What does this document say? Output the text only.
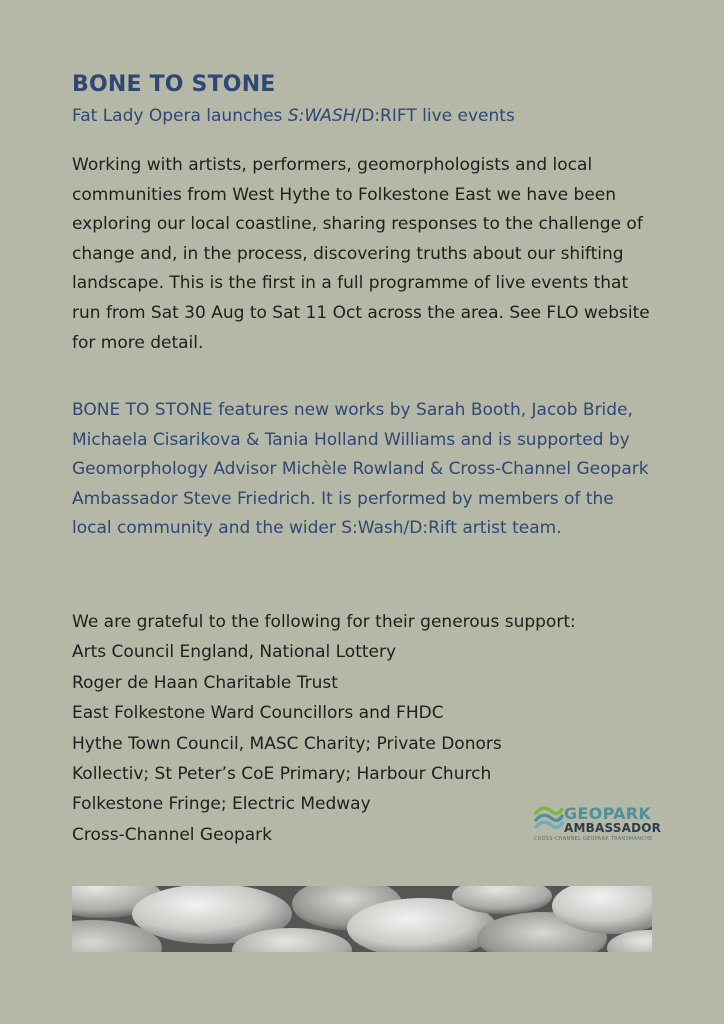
BONE TO STONE
Fat Lady Opera launches S:WASH/D:RIFT live events
Working with artists, performers, geomorphologists and local communities from West Hythe to Folkestone East we have been exploring our local coastline, sharing responses to the challenge of change and, in the process, discovering truths about our shifting landscape. This is the first in a full programme of live events that run from Sat 30 Aug to Sat 11 Oct across the area. See FLO website for more detail.
BONE TO STONE features new works by Sarah Booth, Jacob Bride, Michaela Cisarikova & Tania Holland Williams and is supported by Geomorphology Advisor Michèle Rowland & Cross-Channel Geopark Ambassador Steve Friedrich. It is performed by members of the local community and the wider S:Wash/D:Rift artist team.
We are grateful to the following for their generous support:
Arts Council England, National Lottery
Roger de Haan Charitable Trust
East Folkestone Ward Councillors and FHDC
Hythe Town Council, MASC Charity; Private Donors
Kollectiv; St Peter’s CoE Primary; Harbour Church
Folkestone Fringe; Electric Medway
Cross-Channel Geopark
GEOPARK
AMBASSADOR
CROSS-CHANNEL GEOPARK TRANSMANCHE
